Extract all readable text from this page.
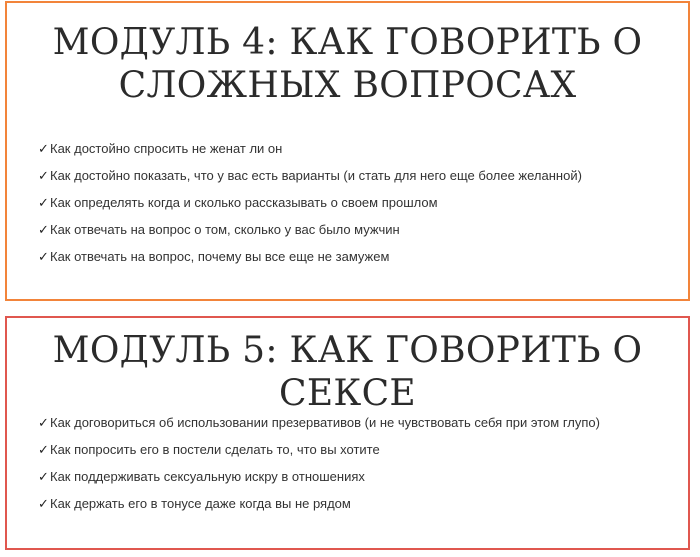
МОДУЛЬ 4: КАК ГОВОРИТЬ О СЛОЖНЫХ ВОПРОСАХ
✓Как достойно спросить не женат ли он
✓Как достойно показать, что у вас есть варианты (и стать для него еще более желанной)
✓Как определять когда и сколько рассказывать о своем прошлом
✓Как отвечать на вопрос о том, сколько у вас было мужчин
✓Как отвечать на вопрос, почему вы все еще не замужем
МОДУЛЬ 5: КАК ГОВОРИТЬ О СЕКСЕ
✓Как договориться об использовании презервативов (и не чувствовать себя при этом глупо)
✓Как попросить его в постели сделать то, что вы хотите
✓Как поддерживать сексуальную искру в отношениях
✓Как держать его в тонусе даже когда вы не рядом
